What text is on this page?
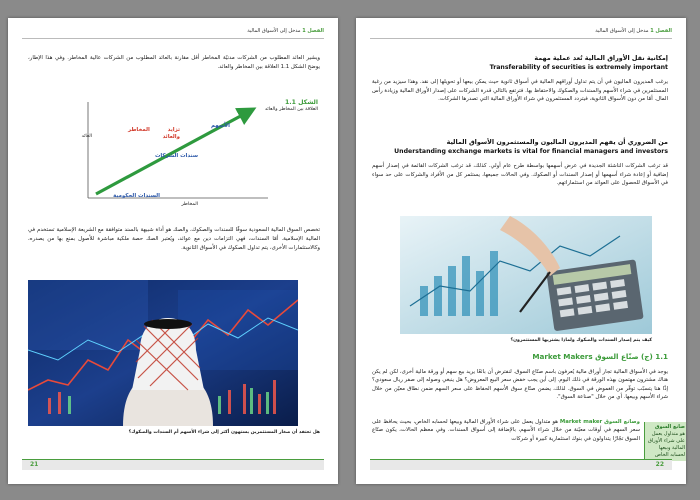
الفصل 1 مدخل إلى الأسواق المالية
ويشير العائد المطلوب من الشركات مدنيّة المخاطر أقل مقارنة بالعائد المطلوب من الشركات عالية المخاطر. وفي هذا الإطار، يوضح الشكل 1.1 العلاقة بين المخاطر والعائد.
الشكل 1.1
العلاقة بين المخاطر والعائد
العائد
المخاطر
الأسهم
تزايد المخاطر والعائد
سندات الشركات
السندات الحكومية
تخصص السوق المالية السعودية سوقًا للسندات والصكوك، والصك هو أداة شبيهة بالسند متوافقة مع الشريعة الإسلامية تستخدم في المالية الإسلامية. أمّا السندات، فهي التزامات دين مع عوائد، ويُعتبر الصك حصة ملكية مباشرة للأصول بمنع بها من يصدره، وكالاستثمارات الأخرى، يتم تداول الصكوك في الأسواق الثانوية.
هل تعتقد أن صغار المستثمرين يستهون أكثر إلى شراء الأسهم أم السندات والصكوك؟
21
الفصل 1 مدخل إلى الأسواق المالية
إمكانية نقل الأوراق المالية تُعد عملية مهمة
Transferability of securities is extremely important
يرغب المديرون الماليون في أن يتم تداول أوراقهم المالية في أسواق ثانوية حيث يمكن بيعها أو تحويلها إلى نقد. وهذا سيزيد من رغبة المستثمرين في شراء الأسهم والسندات والصكوك والاحتفاظ بها. فترتفع بالتالي قدرة الشركات على إصدار الأوراق المالية وزيادة رأس المال. أمّا من دون الأسواق الثانوية، فيتردد المستثمرون في شراء الأوراق المالية التي تصدرها الشركات.
من الضروري أن يفهم المديرون الماليون والمستثمرون الأسواق المالية
Understanding exchange markets is vital for financial managers and investors
قد ترغب الشركات الناشئة الجديدة في عرض أسهمها بواسطة طرح عام أولي. كذلك، قد ترغب الشركات القائمة في إصدار أسهم إضافية أو إعادة شراء أسهمها أو إصدار السندات أو الصكوك. وفي الحالات جميعها، يستثمر كل من الأفراد والشركات على حد سواء في الأسواق للحصول على العوائد من استثماراتهم.
كيف يتم إصدار السندات والصكوك ولماذا يشتريها المستثمرون؟
1.1 (ج) صنّاع السوق Market Makers
يوجد في الأسواق المالية تجار أوراق مالية يُعرفون باسم صنّاع السوق. لنفترض أن بائعًا يريد بيع سهم أو ورقة مالية أخرى، لكن لم يكن هناك مشترون مهتمون بهذه الورقة في ذلك اليوم. إلى أين يجب خفض سعر البيع المعروض؟ هل ينبغي وصوله إلى صفر ريال سعودي؟ إذًا هنا يتسبّب توفّر من الغموض في السوق. لذلك، يضمن صنّاع سوق الأسهم الحفاظ على سعر السهم ضمن نطاق معيّن من خلال شراء الأسهم وبيعها. أي من خلال "صناعة السوق".
وصانع السوق Market maker هو متداول يعمل على شراء الأوراق المالية وبيعها لحسابه الخاص، بحيث يحافظ على سعر السهم في أوقات معيّنة من خلال شراء الأسهم، بالإضافة إلى أسواق السندات. وفي معظم الحالات، يكون صنّاع السوق تجّارًا يتداولون في بنوك استثمارية كبيرة أو شركات
صانع السوق
هو متداول يعمل على شراء الأوراق المالية وبيعها لحسابه الخاص
22
